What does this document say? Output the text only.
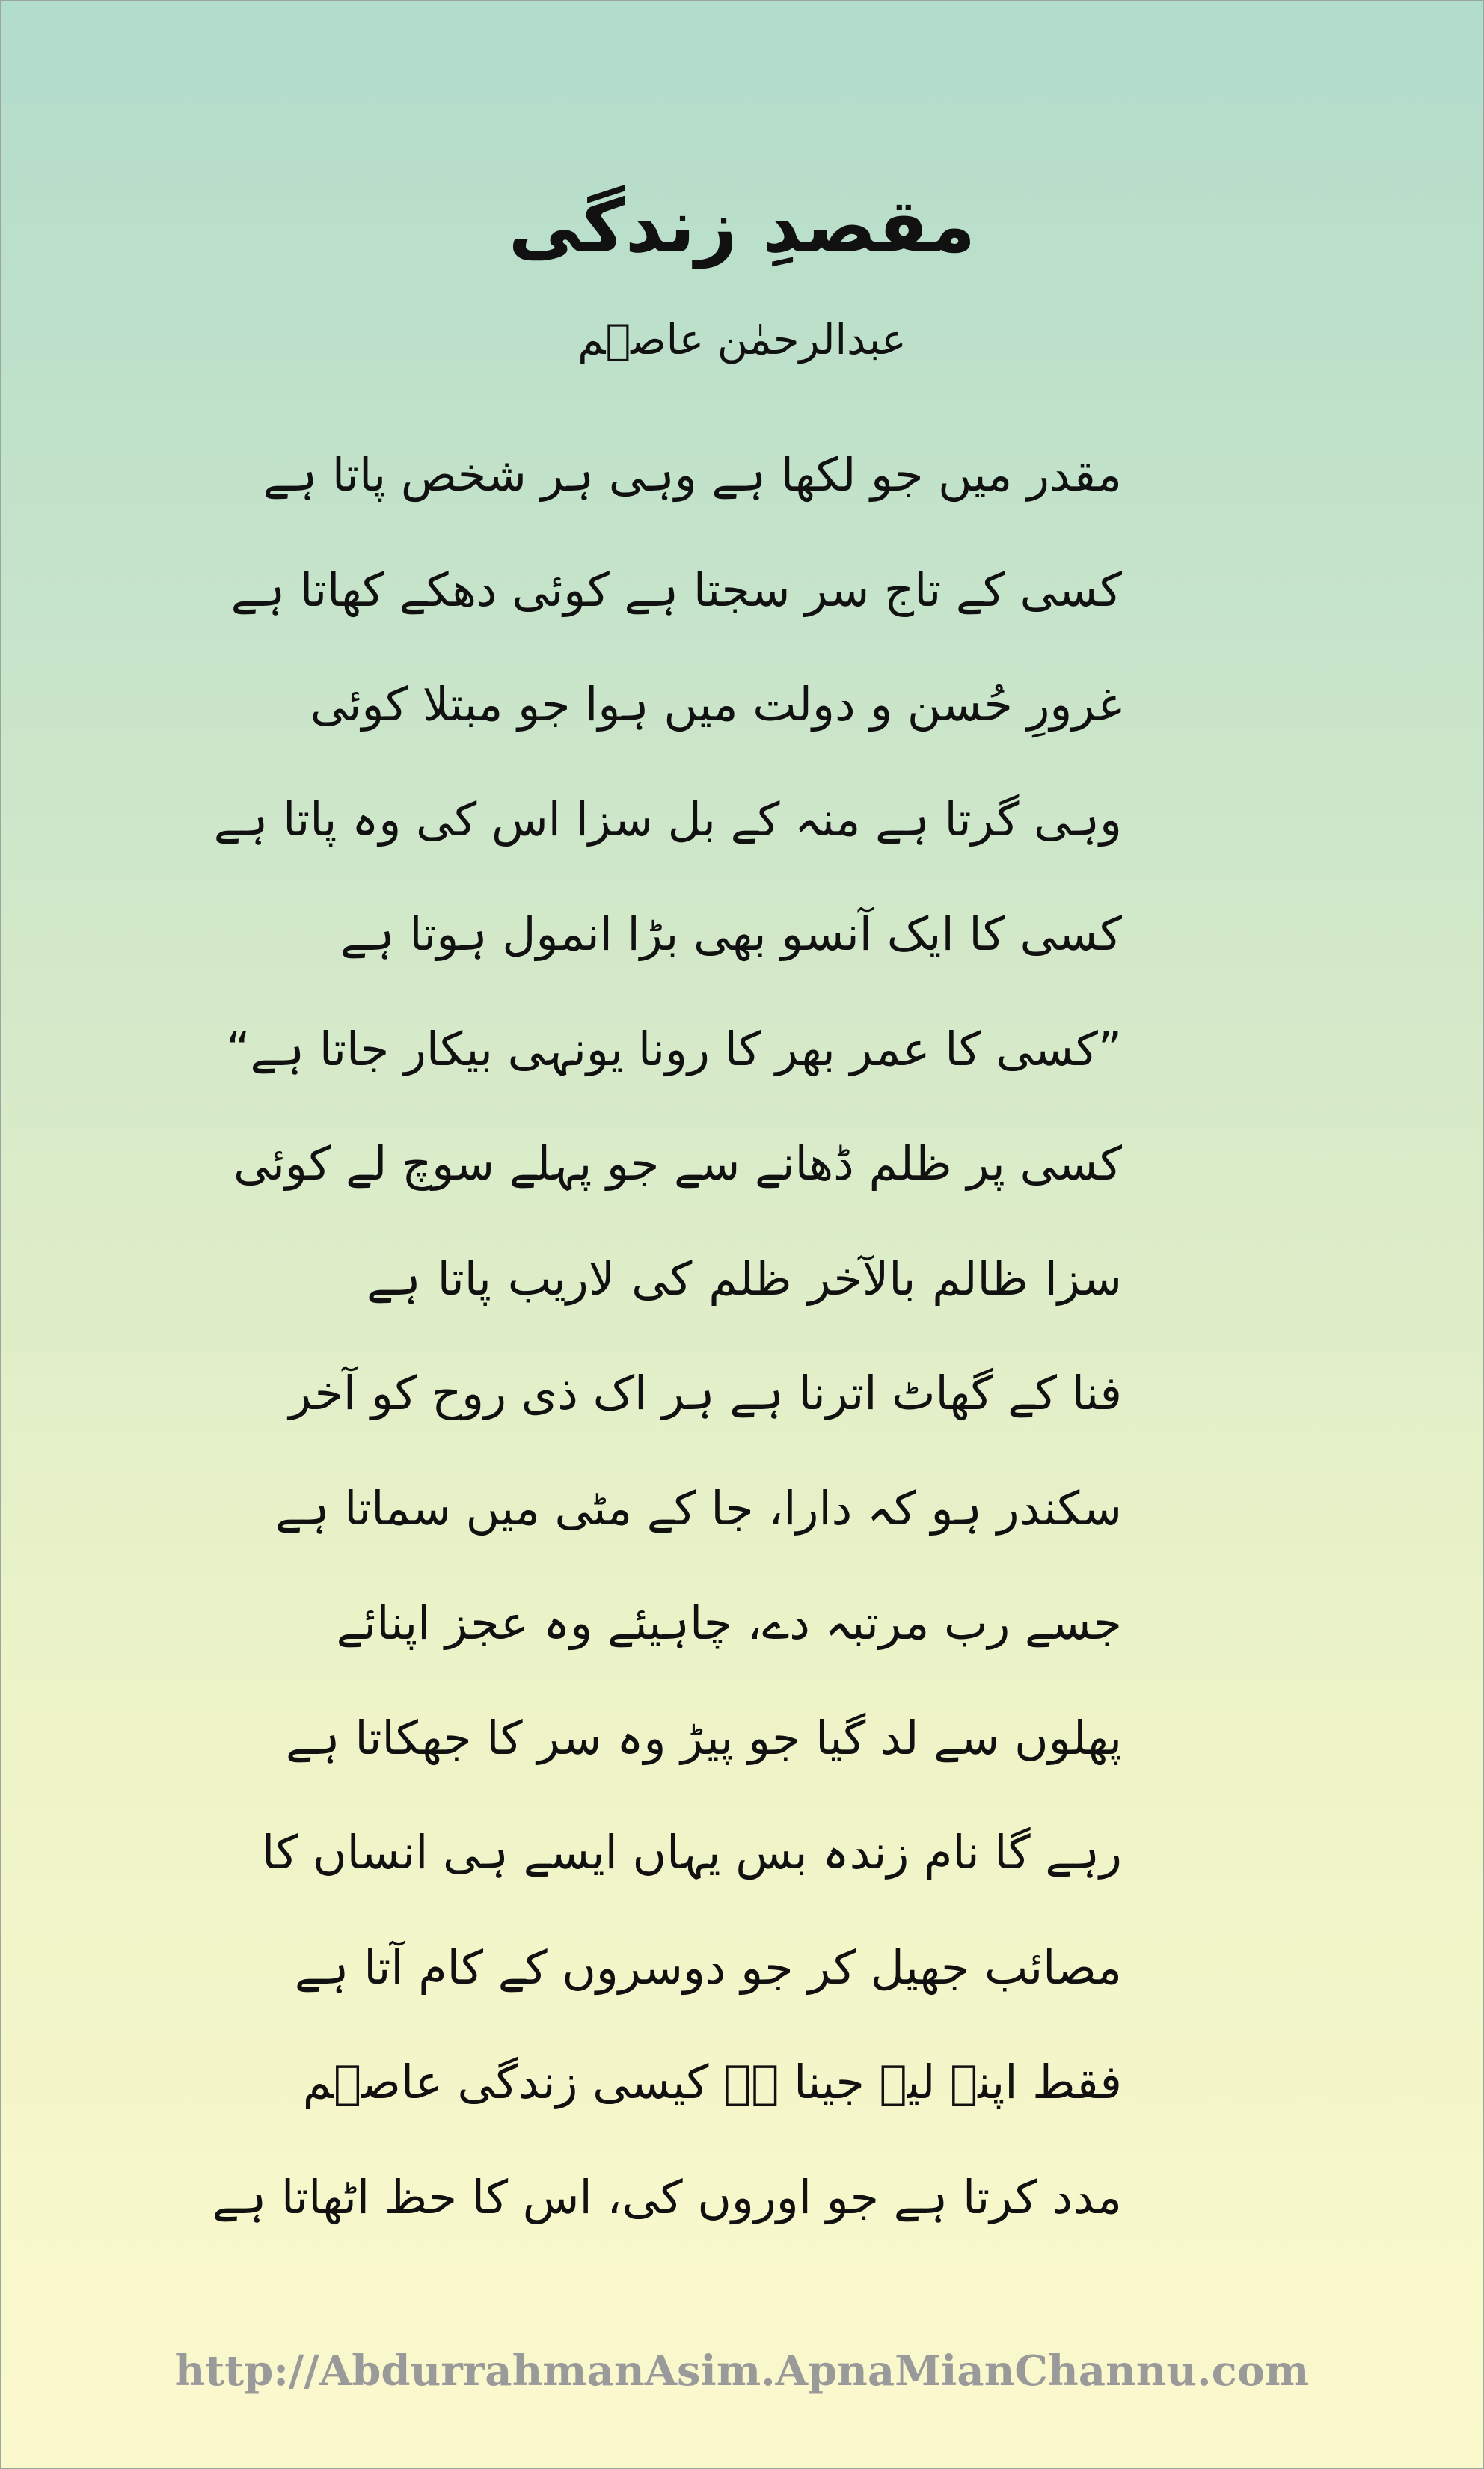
مقصدِ زندگی
عبدالرحمٰن عاصؔم
مقدر میں جو لکھا ہے وہی ہر شخص پاتا ہے
کسی کے تاج سر سجتا ہے کوئی دھکے کھاتا ہے
غرورِ حُسن و دولت میں ہوا جو مبتلا کوئی
وہی گرتا ہے منہ کے بل سزا اس کی وہ پاتا ہے
کسی کا ایک آنسو بھی بڑا انمول ہوتا ہے
”کسی کا عمر بھر کا رونا یونہی بیکار جاتا ہے“
کسی پر ظلم ڈھانے سے جو پہلے سوچ لے کوئی
سزا ظالم بالآخر ظلم کی لاریب پاتا ہے
فنا کے گھاٹ اترنا ہے ہر اک ذی روح کو آخر
سکندر ہو کہ دارا، جا کے مٹی میں سماتا ہے
جسے رب مرتبہ دے، چاہیئے وہ عجز اپنائے
پھلوں سے لد گیا جو پیڑ وہ سر کا جھکاتا ہے
رہے گا نام زندہ بس یہاں ایسے ہی انساں کا
مصائب جھیل کر جو دوسروں کے کام آتا ہے
فقط اپنے لیے جینا ہے کیسی زندگی عاصؔم
مدد کرتا ہے جو اوروں کی، اس کا حظ اٹھاتا ہے
http://AbdurrahmanAsim.ApnaMianChannu.com
